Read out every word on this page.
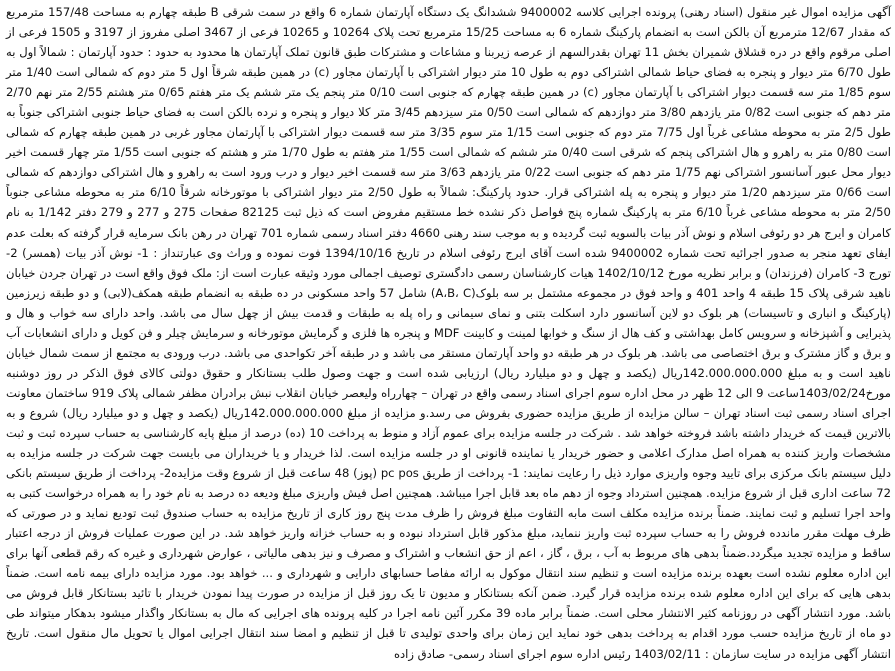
آگهی مزایده اموال غیر منقول (اسناد رهنی) پرونده اجرایی کلاسه 9400002 ششدانگ یک دستگاه آپارتمان شماره 6 واقع در سمت شرقی B طبقه چهارم به مساحت 157/48 مترمربع که مقدار 12/67 مترمربع آن بالکن است به انضمام پارکینگ شماره 6 به مساحت 15/25 مترمربع تحت پلاک 10264 و 10265 فرعی از 3467 اصلی مفروز از 3197 و 1505 فرعی از اصلی مرقوم واقع در دره قشلاق شمیران بخش 11 تهران بقدرالسهم از عرصه زیربنا و مشاعات و مشترکات طبق قانون تملک آپارتمان ها محدود به حدود : حدود آپارتمان : شمالاً اول به طول 6/70 متر دیوار و پنجره به فضای حیاط شمالی اشتراکی دوم به طول 10 متر دیوار اشتراکی با آپارتمان مجاور (c) در همین طبقه شرقاً اول 5 متر دوم که شمالی است 1/40 متر سوم 1/85 متر سه قسمت دیوار اشتراکی با آپارتمان مجاور (c) در همین طبقه چهارم که جنوبی است 0/10 متر پنجم یک متر ششم یک متر هفتم 0/65 متر هشتم 2/55 متر نهم 2/70 متر دهم که جنوبی است 0/82 متر یازدهم 3/80 متر دوازدهم که شمالی است 0/50 متر سیزدهم 3/45 متر کلا دیوار و پنجره و نرده بالکن است به فضای حیاط جنوبی اشتراکی جنوباً به طول 2/5 متر به محوطه مشاعی غرباً اول 7/75 متر دوم که جنوبی است 1/15 متر سوم 3/35 متر سه قسمت دیوار اشتراکی با آپارتمان مجاور غربی در همین طبقه چهارم که شمالی است 0/80 متر به راهرو و هال اشتراکی پنجم که شرقی است 0/40 متر ششم که شمالی است 1/55 متر هفتم به طول 1/70 متر و هشتم که جنوبی است 1/55 متر چهار قسمت اخیر دیوار محل عبور آسانسور اشتراکی نهم 1/75 متر دهم که جنوبی است 0/22 متر یازدهم 3/63 متر سه قسمت اخیر دیوار و درب ورود است به راهرو و هال اشتراکی دوازدهم که شمالی است 0/66 متر سیزدهم 1/20 متر دیوار و پنجره به پله اشتراکی قرار. حدود پارکینگ: شمالاً به طول 2/50 متر دیوار اشتراکی با موتورخانه شرقاً 6/10 متر به محوطه مشاعی جنوباً 2/50 متر به محوطه مشاعی غرباً 6/10 متر به پارکینگ شماره پنج فواصل ذکر نشده خط مستقیم مفروض است که ذیل ثبت 82125 صفحات 275 و 277 و 279 دفتر 1/142 به نام کامران و ایرج هر دو رئوفی اسلام و نوش آذر بیات بالسویه ثبت گردیده و به موجب سند رهنی 4660 دفتر اسناد رسمی شماره 701 تهران در رهن بانک سرمایه قرار گرفته که بعلت عدم ایفای تعهد منجر به صدور اجرائیه تحت شماره 9400002 شده است آقای ایرج رئوفی اسلام در تاریخ 1394/10/16 فوت نموده و وراث وی عبارتنداز : 1- نوش آذر بیات (همسر) 2- تورج 3- کامران (فرزندان) و برابر نظریه مورخ 1402/10/12 هیات کارشناسان رسمی دادگستری توصیف اجمالی مورد وثیقه عبارت است از: ملک فوق واقع است در تهران جردن خیابان ناهید شرقی پلاک 15 طبقه 4 واحد 401 و واحد فوق در مجموعه مشتمل بر سه بلوک(A،B، C) شامل 57 واحد مسکونی در ده طبقه به انضمام طبقه همکف(لابی) و دو طبقه زیرزمین (پارکینگ و انباری و تاسیسات) هر بلوک دو لاین آسانسور دارد اسکلت بتنی و نمای سیمانی و راه پله به طبقات و قدمت بیش از چهل سال می باشد. واحد دارای سه خواب و هال و پذیرایی و آشپزخانه و سرویس کامل بهداشتی و کف هال از سنگ و خوابها لمینت و کابینت MDF و پنجره ها فلزی و گرمایش موتورخانه و سرمایش چیلر و فن کویل و دارای انشعابات آب و برق و گاز مشترک و برق اختصاصی می باشد. هر بلوک در هر طبقه دو واحد آپارتمان مستقر می باشد و در طبقه آخر تکواحدی می باشد. درب ورودی به مجتمع از سمت شمال خیابان ناهید است و به مبلغ 142.000.000.000ریال (یکصد و چهل و دو میلیارد ریال) ارزیابی شده است و جهت وصول طلب بستانکار و حقوق دولتی کالای فوق الذکر در روز دوشنبه مورخ1403/02/24ساعت 9 الی 12 ظهر در محل اداره سوم اجرای اسناد رسمی واقع در تهران – چهارراه ولیعصر خیابان انقلاب نبش برادران مظفر شمالی پلاک 919 ساختمان معاونت اجرای اسناد رسمی ثبت اسناد تهران – سالن مزایده از طریق مزایده حضوری بفروش می رسد.و مزایده از مبلغ 142.000.000.000ریال (یکصد و چهل و دو میلیارد ریال) شروع و به بالاترین قیمت که خریدار داشته باشد فروخته خواهد شد . شرکت در جلسه مزایده برای عموم آزاد و منوط به پرداخت 10 (ده) درصد از مبلغ پایه کارشناسی به حساب سپرده ثبت و ثبت مشخصات واریز کننده به همراه اصل مدارک اعلامی و حضور خریدار یا نماینده قانونی او در جلسه مزایده است. لذا خریدار و یا خریداران می بایست جهت شرکت در جلسه مزایده به دلیل سیستم بانک مرکزی برای تایید وجوه واریزی موارد ذیل را رعایت نمایند: 1- پرداخت از طریق pc pos (پوز) 48 ساعت قبل از شروع وقت مزایده2- پرداخت از طریق سیستم بانکی 72 ساعت اداری قبل از شروع مزایده. همچنین استرداد وجوه از دهم ماه بعد قابل اجرا میباشد. همچنین اصل فیش واریزی مبلغ ودیعه ده درصد به نام خود را به همراه درخواست کتبی به واحد اجرا تسلیم و ثبت نمایند. ضمناً برنده مزایده مکلف است مابه التفاوت مبلغ فروش را ظرف مدت پنج روز کاری از تاریخ مزایده به حساب صندوق ثبت تودیع نماید و در صورتی که ظرف مهلت مقرر ماندده فروش را به حساب سپرده ثبت واریز ننماید، مبلغ مذکور قابل استرداد نبوده و به حساب خزانه واریز خواهد شد. در این صورت عملیات فروش از درجه اعتبار ساقط و مزایده تجدید میگردد.ضمناً بدهی های مربوط به آب ، برق ، گاز ، اعم از حق انشعاب و اشتراک و مصرف و نیز بدهی مالیاتی ، عوارض شهرداری و غیره که رقم قطعی آنها برای این اداره معلوم نشده است بعهده برنده مزایده است و تنظیم سند انتقال موکول به ارائه مفاصا حسابهای دارایی و شهرداری و ... خواهد بود. مورد مزایده دارای بیمه نامه است. ضمناً بدهی هایی که برای این اداره معلوم شده برنده مزایده قرار گیرد. ضمن آنکه بستانکار و مدیون تا یک روز قبل از مزایده در صورت پیدا نمودن خریدار با تائید بستانکار قابل فروش می باشد. مورد انتشار آگهی در روزنامه کثیر الانتشار محلی است. ضمناً برابر ماده 39 مکرر آئین نامه اجرا در کلیه پرونده های اجرایی که مال به بستانکار واگذار میشود بدهکار میتواند طی دو ماه از تاریخ مزایده حسب مورد اقدام به پرداخت بدهی خود نماید این زمان برای واحدی تولیدی تا قبل از تنظیم و امضا سند انتقال اجرایی اموال یا تحویل مال منقول است. تاریخ انتشار آگهی مزایده در سایت سازمان : 1403/02/11 رئیس اداره سوم اجرای اسناد رسمی- صادق زاده
